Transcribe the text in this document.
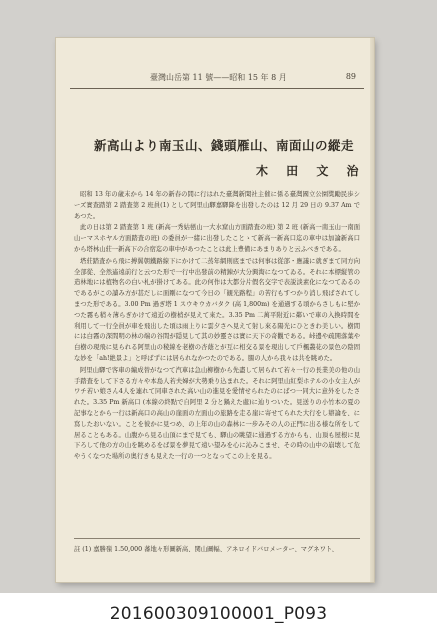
臺灣山岳第 11 號——昭和 15 年 8 月	89
新高山より南玉山、錢頭雁山、南面山の縱走
木 田 文 治

昭和 13 年の歳末から 14 年の新春の間に行はれた臺灣新聞社主催に係る臺灣國立公園獎勵民歩シーズ實查踏第 2 踏査第 2 班員(1) として阿里山驛嘉驛降を出發したのは 12 月 29 日の 9.37 Am であつた。

此の日は第 2 踏査第 1 班 (新高一秀姑巒山一大水窟山方面踏査の班) 第 2 班 (新高一南玉山一南面山ーマスホヤル方面踏査の班) の委員が一緒に出發したことゝて新高一新高口迄の車中は加論新高口から塔林山莊一新高下の合宿迄の車中があつたことは此上豊備にあまりありと云ふべきである。

塔莊踏査から飛に搏翼朝鐵路線下にかけて二蒸年網則底までは何事は從部・應議に就ぎまて同方向全部從、全然遙遠前行と云つた形で一行中出發前の精錬が大分興淘になつてゐる。それに本標縦管の造林地には植物名の白い札が掛けてある。此の何作は大都分片假名交字で表説淡素化になつてゐるのであるがこの讀み方が甚だしに面剛になつて今日の「観光路程」の苦行もすつかり消し飛ばされてしまつた形である。3.00 Pm 過ぎ塔 1 スウキウカバタク (高 1,800m) を通過する頃からさしもに堅かつた霧も稍々薄らぎかけて遠近の樹梢が見えて來た。3.35 Pm 二萬平附近に鄰いで車の入換時間を利用して一行全員が車を飛出した頃は雨上りに雲夕さへ見えて射し來る陽光にひときわ美しい。樹間には白霧の深間明の林の端の谷間が隠見して其の妙靈さは實に天下の奇觀である。峠邊や疏開落葉や白樹の現飛に見られる阿里山の稜線を老樹の杏蔭とが互に相交る景を現出して戶楓叢花の景色の陰固な妙を「ah!絶景よ」と呼ばずには居られなかつたのである。腸の人から我々は共を眺めた。

阿里山驛で客車の編成替がなつて汽車は急山柳樹から先盡して居られて若々一行の長業美の他の山手踏査をして下さる方々や本島人若夫婦が大勢乗り込まれた。それに阿里山紅梨ホテルの小女主人がワチ若い娘さん4人を連れて同車された高い山の進見を愛情せられたのにばつ一同大に意外をしたされた。3.35 Pm 新高口 (本線の終點で自阿里 2 分と鍋えた處)に辿りついた。見送りの小竹本の夏の記事なとから一行は新高口の高山の崖面の左面山の旅路を走る崖に寄せてられた大行をし辯論を、に寫したおいない。ことを彼かに見つめ、の上年の山の森林に一步みその人の正門に出る様な所をして居ることもある。山腹から見る山頂にまで見ても、驛山の眺望に通過する方からも、山頂も屋根に見下ろして他の方の山を眺めるをば景を夢見て遠い望みを心に沁みこませ、その時の山中の崩壊して危やうくなつた場所の奥行きも見えた一行の一つとなってこの上を見る。

註 (1) 嘉勝嶺 1.50,000 蕃地々形圖新高、関山圖幅、アネロイドバロメーター、マグネワト、
20160030910000​1_P093
